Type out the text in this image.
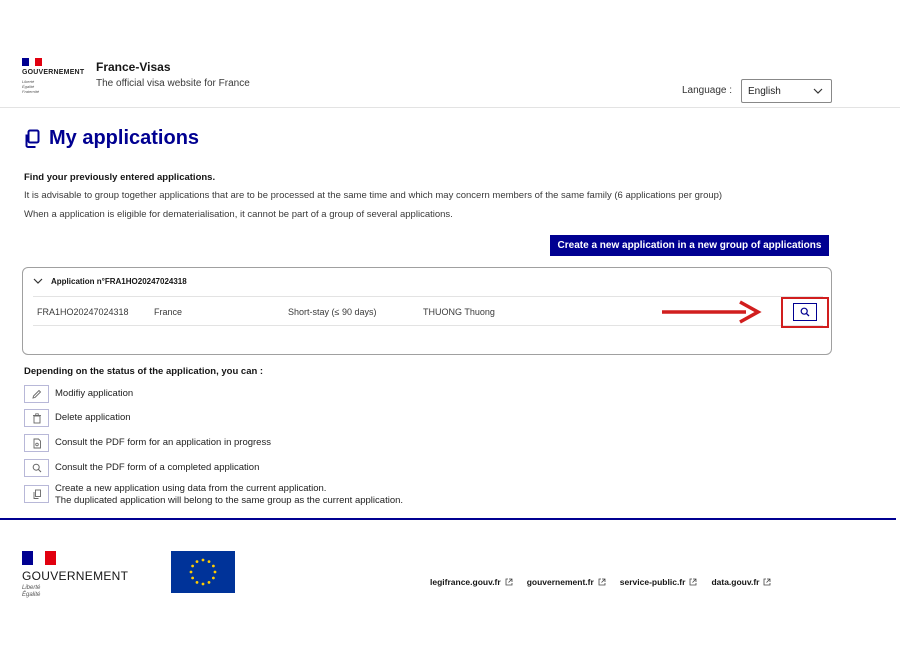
GOUVERNEMENT
Liberté
Égalité
Fraternité
France-Visas
The official visa website for France
Language :	English
My applications
Find your previously entered applications.
It is advisable to group together applications that are to be processed at the same time and which may concern members of the same family (6 applications per group)
When a application is eligible for dematerialisation, it cannot be part of a group of several applications.
Create a new application in a new group of applications
Application n°FRA1HO20247024318
FRA1HO20247024318	France	Short-stay (≤ 90 days)	THUONG Thuong
Depending on the status of the application, you can :
Modifiy application
Delete application
Consult the PDF form for an application in progress
Consult the PDF form of a completed application
Create a new application using data from the current application.
The duplicated application will belong to the same group as the current application.
GOUVERNEMENT
Liberté
Égalité
legifrance.gouv.fr	gouvernement.fr	service-public.fr	data.gouv.fr
